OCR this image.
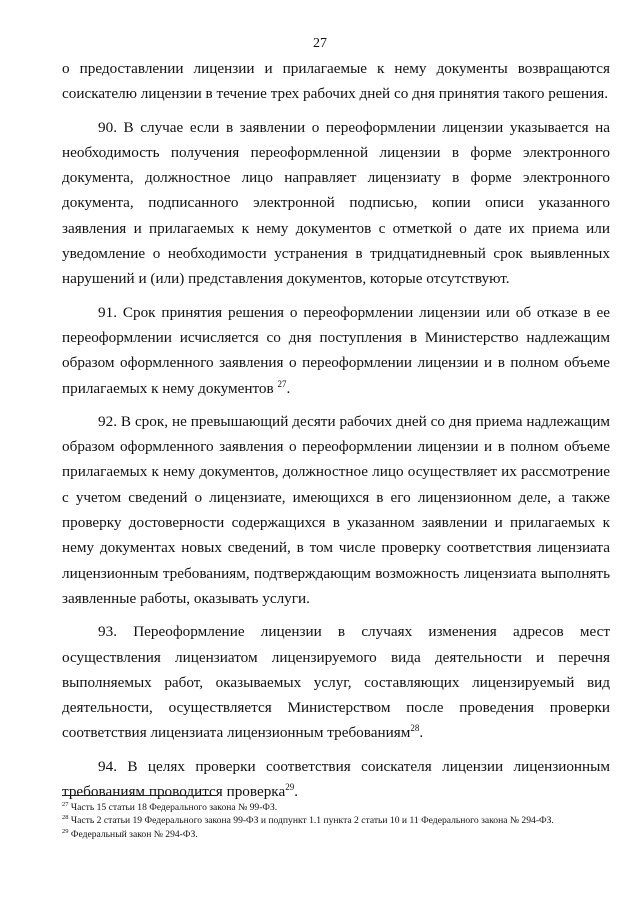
27

о предоставлении лицензии и прилагаемые к нему документы возвращаются соискателю лицензии в течение трех рабочих дней со дня принятия такого решения.

90. В случае если в заявлении о переоформлении лицензии указывается на необходимость получения переоформленной лицензии в форме электронного документа, должностное лицо направляет лицензиату в форме электронного документа, подписанного электронной подписью, копии описи указанного заявления и прилагаемых к нему документов с отметкой о дате их приема или уведомление о необходимости устранения в тридцатидневный срок выявленных нарушений и (или) представления документов, которые отсутствуют.

91. Срок принятия решения о переоформлении лицензии или об отказе в ее переоформлении исчисляется со дня поступления в Министерство надлежащим образом оформленного заявления о переоформлении лицензии и в полном объеме прилагаемых к нему документов $^{27}$.

92. В срок, не превышающий десяти рабочих дней со дня приема надлежащим образом оформленного заявления о переоформлении лицензии и в полном объеме прилагаемых к нему документов, должностное лицо осуществляет их рассмотрение с учетом сведений о лицензиате, имеющихся в его лицензионном деле, а также проверку достоверности содержащихся в указанном заявлении и прилагаемых к нему документах новых сведений, в том числе проверку соответствия лицензиата лицензионным требованиям, подтверждающим возможность лицензиата выполнять заявленные работы, оказывать услуги.

93. Переоформление лицензии в случаях изменения адресов мест осуществления лицензиатом лицензируемого вида деятельности и перечня выполняемых работ, оказываемых услуг, составляющих лицензируемый вид деятельности, осуществляется Министерством после проведения проверки соответствия лицензиата лицензионным требованиям$^{28}$.

94. В целях проверки соответствия соискателя лицензии лицензионным требованиям проводится проверка$^{29}$.

$^{27}$ Часть 15 статьи 18 Федерального закона № 99-ФЗ.
$^{28}$ Часть 2 статьи 19 Федерального закона 99-ФЗ и подпункт 1.1 пункта 2 статьи 10 и 11 Федерального закона № 294-ФЗ.
$^{29}$ Федеральный закон № 294-ФЗ.
